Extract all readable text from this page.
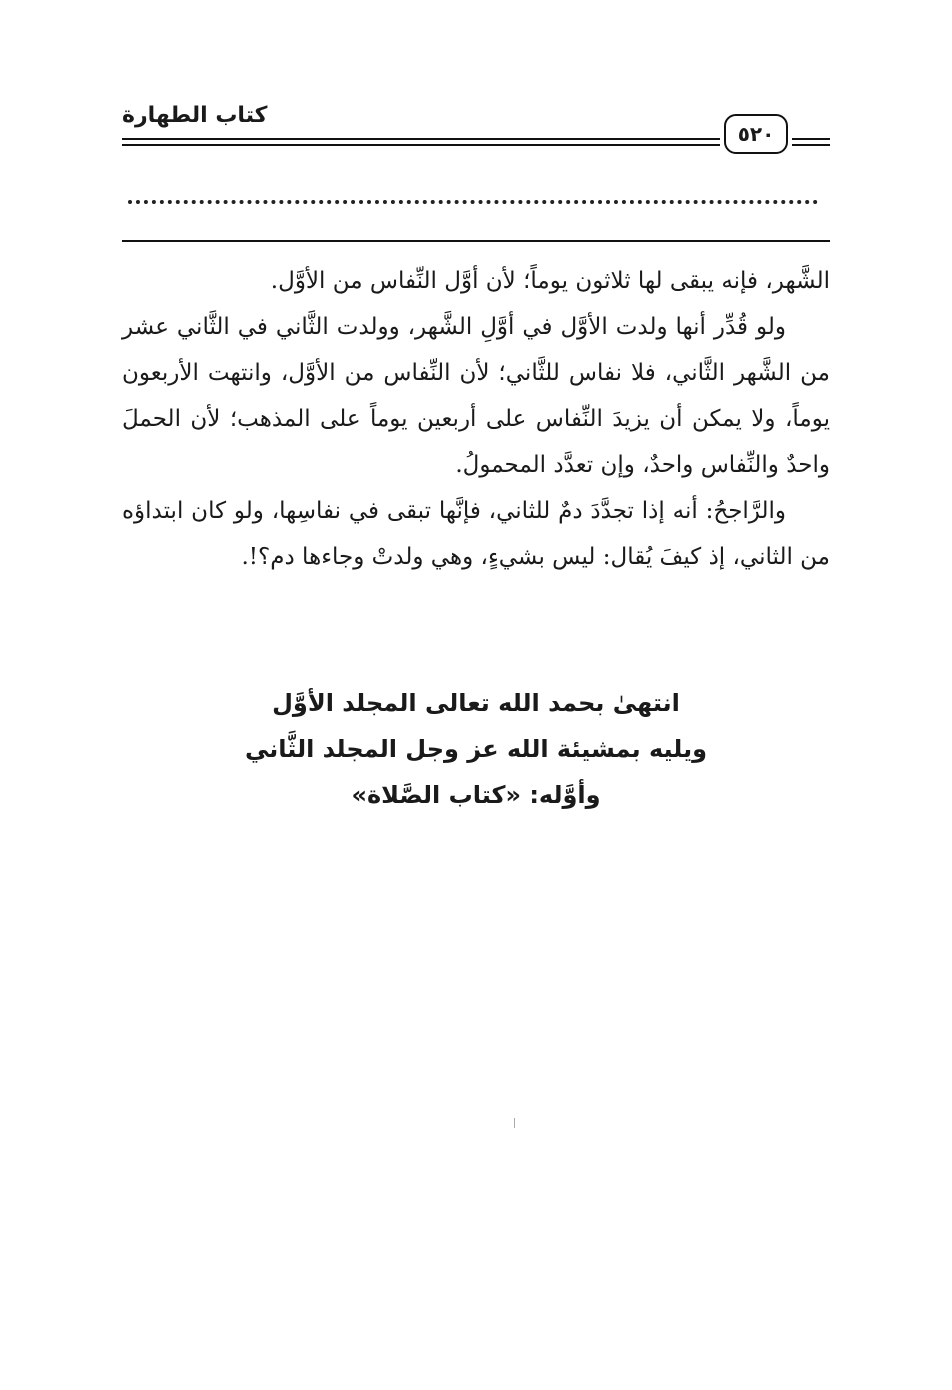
كتاب الطهارة
٥٢٠

الشَّهر، فإنه يبقى لها ثلاثون يوماً؛ لأن أوَّل النِّفاس من الأوَّل.

ولو قُدِّر أنها ولدت الأوَّل في أوَّلِ الشَّهر، وولدت الثَّاني في الثَّاني عشر من الشَّهر الثَّاني، فلا نفاس للثَّاني؛ لأن النِّفاس من الأوَّل، وانتهت الأربعون يوماً، ولا يمكن أن يزيدَ النِّفاس على أربعين يوماً على المذهب؛ لأن الحملَ واحدٌ والنِّفاس واحدٌ، وإن تعدَّد المحمولُ.

والرَّاجحُ: أنه إذا تجدَّدَ دمٌ للثاني، فإنَّها تبقى في نفاسِها، ولو كان ابتداؤه من الثاني، إذ كيفَ يُقال: ليس بشيءٍ، وهي ولدتْ وجاءها دم؟!.

انتهىٰ بحمد الله تعالى المجلد الأوَّل
ويليه بمشيئة الله عز وجل المجلد الثَّاني
وأوَّله: «كتاب الصَّلاة»
